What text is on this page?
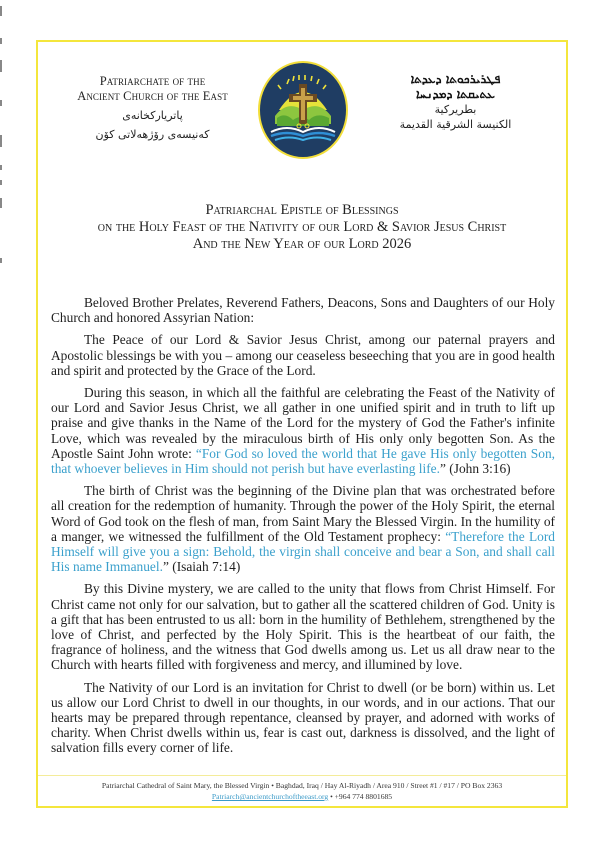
Patriarchate of the
Ancient Church of the East
پاتریارکخانەی
کەنیسەی رۆژهەلاتی کۆن
ܦܛܪܝܪܟܘܬܐ ܕܥܕܬܐ
ܥܬܝܩܬܐ ܕܡܕܢܚܐ
بطريركية
الكنيسة الشرقية القديمة
Patriarchal Epistle of Blessings
on the Holy Feast of the Nativity of our Lord & Savior Jesus Christ
And the New Year of our Lord 2026

Beloved Brother Prelates, Reverend Fathers, Deacons, Sons and Daughters of our Holy Church and honored Assyrian Nation:

The Peace of our Lord & Savior Jesus Christ, among our paternal prayers and Apostolic blessings be with you – among our ceaseless beseeching that you are in good health and spirit and protected by the Grace of the Lord.

During this season, in which all the faithful are celebrating the Feast of the Nativity of our Lord and Savior Jesus Christ, we all gather in one unified spirit and in truth to lift up praise and give thanks in the Name of the Lord for the mystery of God the Father's infinite Love, which was revealed by the miraculous birth of His only only begotten Son. As the Apostle Saint John wrote: “For God so loved the world that He gave His only begotten Son, that whoever believes in Him should not perish but have everlasting life.” (John 3:16)

The birth of Christ was the beginning of the Divine plan that was orchestrated before all creation for the redemption of humanity. Through the power of the Holy Spirit, the eternal Word of God took on the flesh of man, from Saint Mary the Blessed Virgin. In the humility of a manger, we witnessed the fulfillment of the Old Testament prophecy: “Therefore the Lord Himself will give you a sign: Behold, the virgin shall conceive and bear a Son, and shall call His name Immanuel.” (Isaiah 7:14)

By this Divine mystery, we are called to the unity that flows from Christ Himself. For Christ came not only for our salvation, but to gather all the scattered children of God. Unity is a gift that has been entrusted to us all: born in the humility of Bethlehem, strengthened by the love of Christ, and perfected by the Holy Spirit. This is the heartbeat of our faith, the fragrance of holiness, and the witness that God dwells among us. Let us all draw near to the Church with hearts filled with forgiveness and mercy, and illumined by love.

The Nativity of our Lord is an invitation for Christ to dwell (or be born) within us. Let us allow our Lord Christ to dwell in our thoughts, in our words, and in our actions. That our hearts may be prepared through repentance, cleansed by prayer, and adorned with works of charity. When Christ dwells within us, fear is cast out, darkness is dissolved, and the light of salvation fills every corner of life.

Patriarchal Cathedral of Saint Mary, the Blessed Virgin • Baghdad, Iraq / Hay Al-Riyadh / Area 910 / Street #1 / #17 / PO Box 2363
Patriarch@ancientchurchoftheeast.org • +964 774 8801685
